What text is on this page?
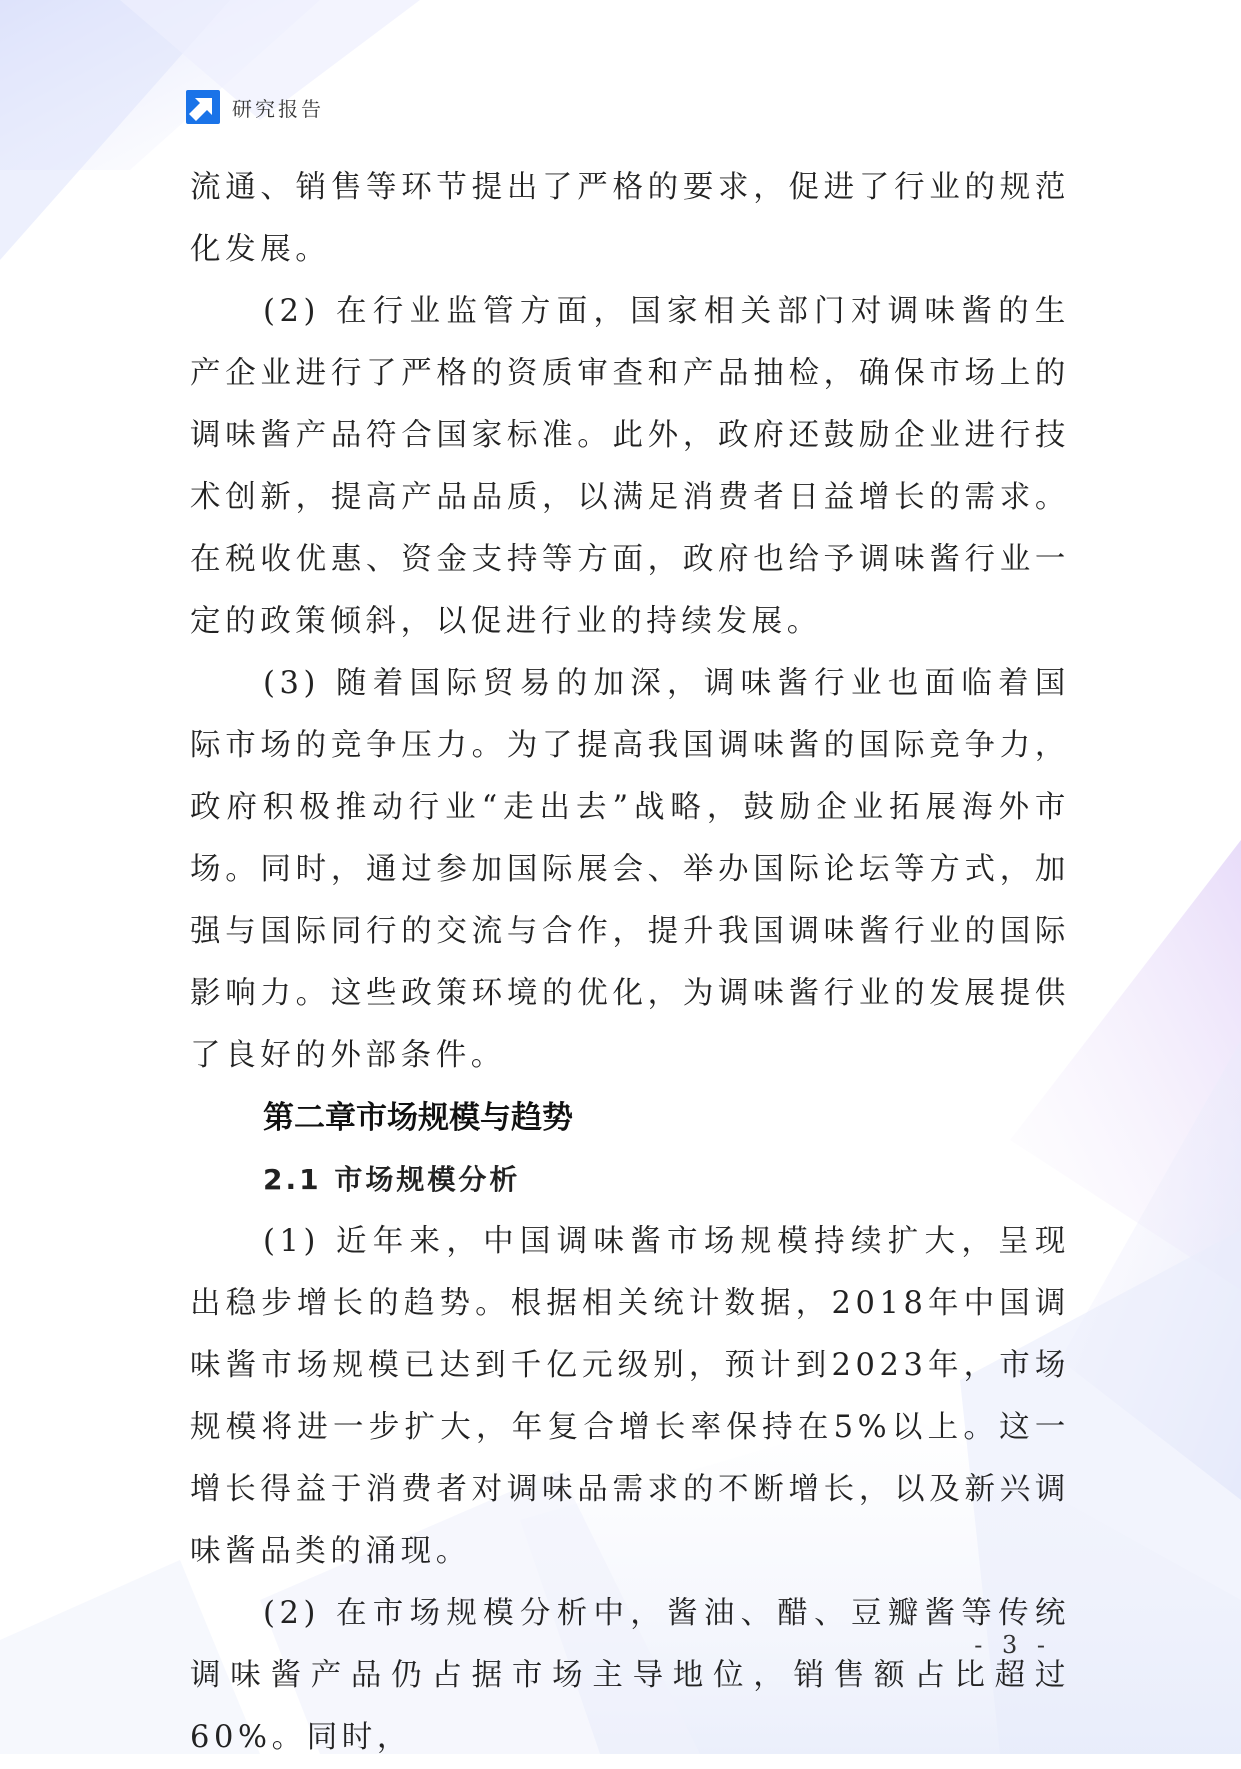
研究报告

流通、销售等环节提出了严格的要求，促进了行业的规范化发展。

(2) 在行业监管方面，国家相关部门对调味酱的生产企业进行了严格的资质审查和产品抽检，确保市场上的调味酱产品符合国家标准。此外，政府还鼓励企业进行技术创新，提高产品品质，以满足消费者日益增长的需求。在税收优惠、资金支持等方面，政府也给予调味酱行业一定的政策倾斜，以促进行业的持续发展。

(3) 随着国际贸易的加深，调味酱行业也面临着国际市场的竞争压力。为了提高我国调味酱的国际竞争力，政府积极推动行业“走出去”战略，鼓励企业拓展海外市场。同时，通过参加国际展会、举办国际论坛等方式，加强与国际同行的交流与合作，提升我国调味酱行业的国际影响力。这些政策环境的优化，为调味酱行业的发展提供了良好的外部条件。

第二章市场规模与趋势
2.1 市场规模分析

(1) 近年来，中国调味酱市场规模持续扩大，呈现出稳步增长的趋势。根据相关统计数据，2018年中国调味酱市场规模已达到千亿元级别，预计到2023年，市场规模将进一步扩大，年复合增长率保持在5%以上。这一增长得益于消费者对调味品需求的不断增长，以及新兴调味酱品类的涌现。

(2) 在市场规模分析中，酱油、醋、豆瓣酱等传统调味酱产品仍占据市场主导地位，销售额占比超过60%。同时，

- 3 -
